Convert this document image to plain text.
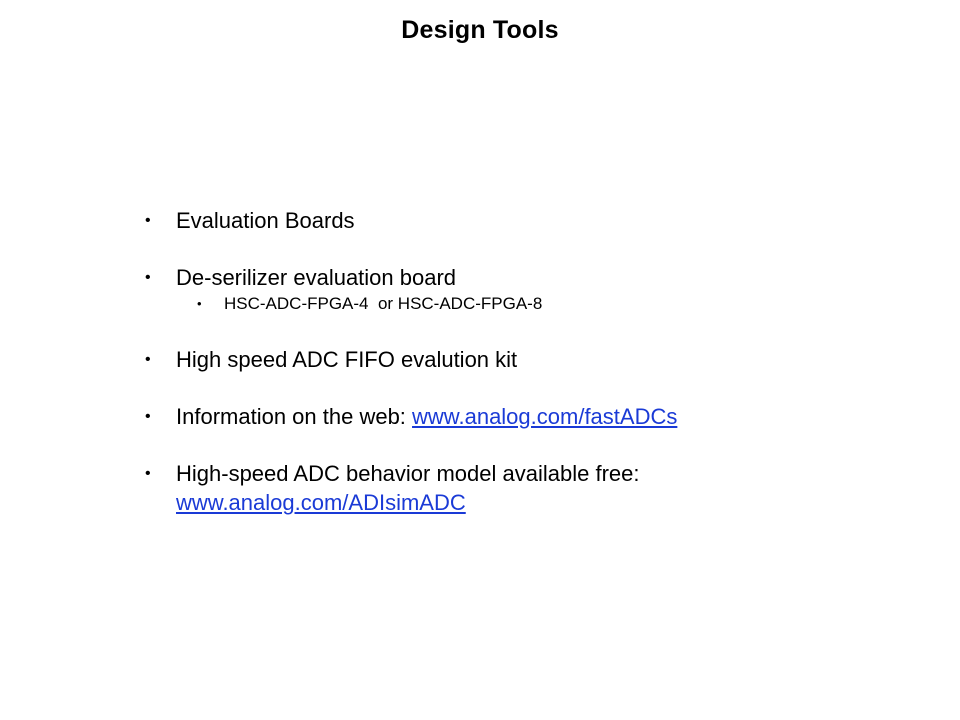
Design Tools
• Evaluation Boards
• De-serilizer evaluation board
• HSC-ADC-FPGA-4  or HSC-ADC-FPGA-8
• High speed ADC FIFO evalution kit
• Information on the web: www.analog.com/fastADCs
• High-speed ADC behavior model available free:
www.analog.com/ADIsimADC
